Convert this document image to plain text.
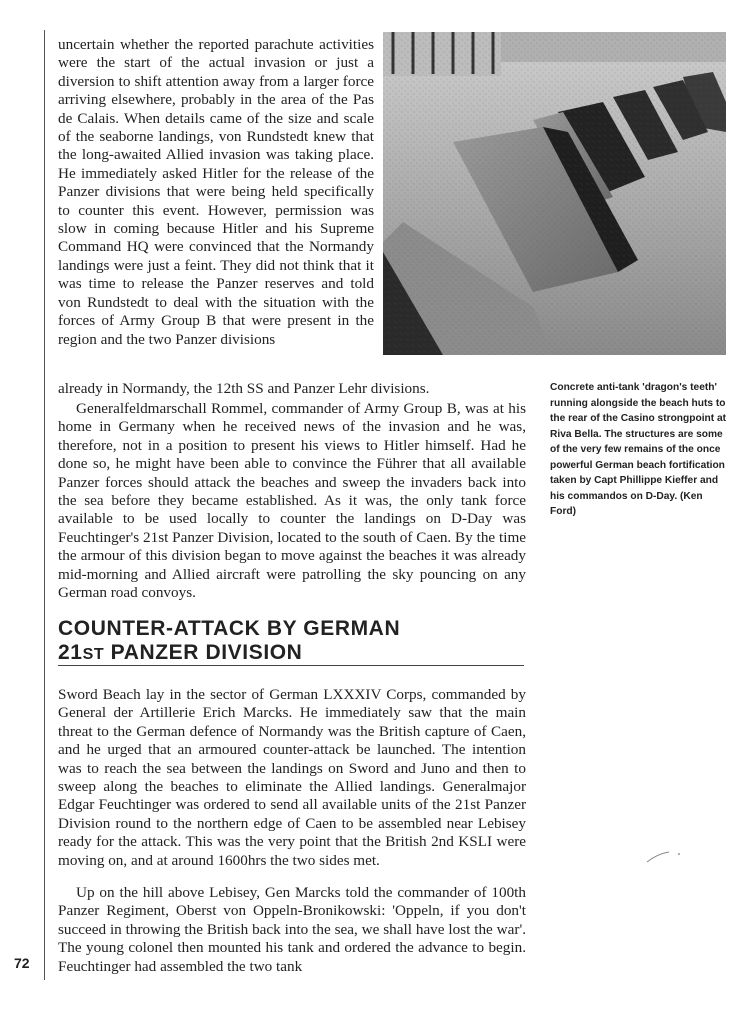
uncertain whether the reported parachute activities were the start of the actual invasion or just a diversion to shift attention away from a larger force arriving elsewhere, probably in the area of the Pas de Calais. When details came of the size and scale of the seaborne landings, von Rundstedt knew that the long-awaited Allied invasion was taking place. He immediately asked Hitler for the release of the Panzer divisions that were being held specifically to counter this event. However, permission was slow in coming because Hitler and his Supreme Command HQ were convinced that the Normandy landings were just a feint. They did not think that it was time to release the Panzer reserves and told von Rundstedt to deal with the situation with the forces of Army Group B that were present in the region and the two Panzer divisions

already in Normandy, the 12th SS and Panzer Lehr divisions.

Generalfeldmarschall Rommel, commander of Army Group B, was at his home in Germany when he received news of the invasion and he was, therefore, not in a position to present his views to Hitler himself. Had he done so, he might have been able to convince the Führer that all available Panzer forces should attack the beaches and sweep the invaders back into the sea before they became established. As it was, the only tank force available to be used locally to counter the landings on D-Day was Feuchtinger's 21st Panzer Division, located to the south of Caen. By the time the armour of this division began to move against the beaches it was already mid-morning and Allied aircraft were patrolling the sky pouncing on any German road convoys.

Concrete anti-tank 'dragon's teeth' running alongside the beach huts to the rear of the Casino strongpoint at Riva Bella. The structures are some of the very few remains of the once powerful German beach fortification taken by Capt Phillippe Kieffer and his commandos on D-Day. (Ken Ford)

COUNTER-ATTACK BY GERMAN
21ST PANZER DIVISION

Sword Beach lay in the sector of German LXXXIV Corps, commanded by General der Artillerie Erich Marcks. He immediately saw that the main threat to the German defence of Normandy was the British capture of Caen, and he urged that an armoured counter-attack be launched. The intention was to reach the sea between the landings on Sword and Juno and then to sweep along the beaches to eliminate the Allied landings. Generalmajor Edgar Feuchtinger was ordered to send all available units of the 21st Panzer Division round to the northern edge of Caen to be assembled near Lebisey ready for the attack. This was the very point that the British 2nd KSLI were moving on, and at around 1600hrs the two sides met.

Up on the hill above Lebisey, Gen Marcks told the commander of 100th Panzer Regiment, Oberst von Oppeln-Bronikowski: 'Oppeln, if you don't succeed in throwing the British back into the sea, we shall have lost the war'. The young colonel then mounted his tank and ordered the advance to begin. Feuchtinger had assembled the two tank

72
